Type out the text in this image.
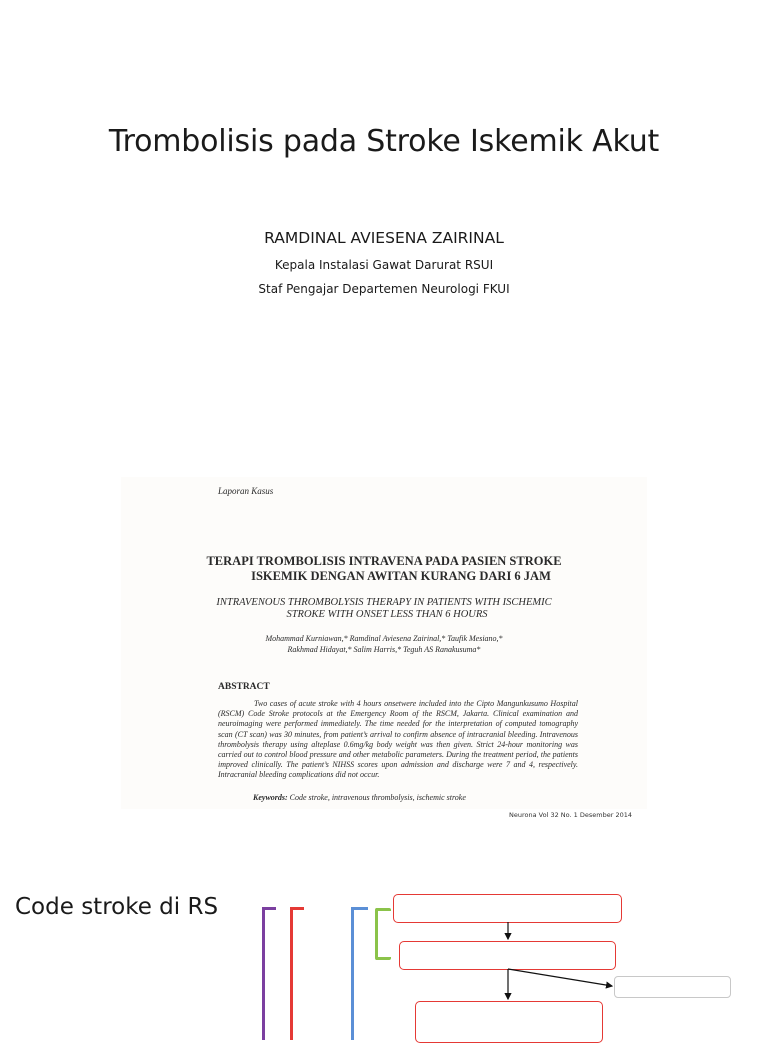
Trombolisis pada Stroke Iskemik Akut
RAMDINAL AVIESENA ZAIRINAL
Kepala Instalasi Gawat Darurat RSUI
Staf Pengajar Departemen Neurologi FKUI
Laporan Kasus
TERAPI TROMBOLISIS INTRAVENA PADA PASIEN STROKE
ISKEMIK DENGAN AWITAN KURANG DARI 6 JAM
INTRAVENOUS THROMBOLYSIS THERAPY IN PATIENTS WITH ISCHEMIC
STROKE WITH ONSET LESS THAN 6 HOURS
Mohammad Kurniawan,* Ramdinal Aviesena Zairinal,* Taufik Mesiano,*
Rakhmad Hidayat,* Salim Harris,* Teguh AS Ranakusuma*
ABSTRACT
Two cases of acute stroke with 4 hours onsetwere included into the Cipto Mangunkusumo Hospital (RSCM) Code Stroke protocols at the Emergency Room of the RSCM, Jakarta. Clinical examination and neuroimaging were performed immediately. The time needed for the interpretation of computed tomography scan (CT scan) was 30 minutes, from patient’s arrival to confirm absence of intracranial bleeding. Intravenous thrombolysis therapy using alteplase 0.6mg/kg body weight was then given. Strict 24-hour monitoring was carried out to control blood pressure and other metabolic parameters. During the treatment period, the patients improved clinically. The patient’s NIHSS scores upon admission and discharge were 7 and 4, respectively. Intracranial bleeding complications did not occur.
Keywords: Code stroke, intravenous thrombolysis, ischemic stroke
Neurona Vol 32 No. 1 Desember 2014
Code stroke di RS
